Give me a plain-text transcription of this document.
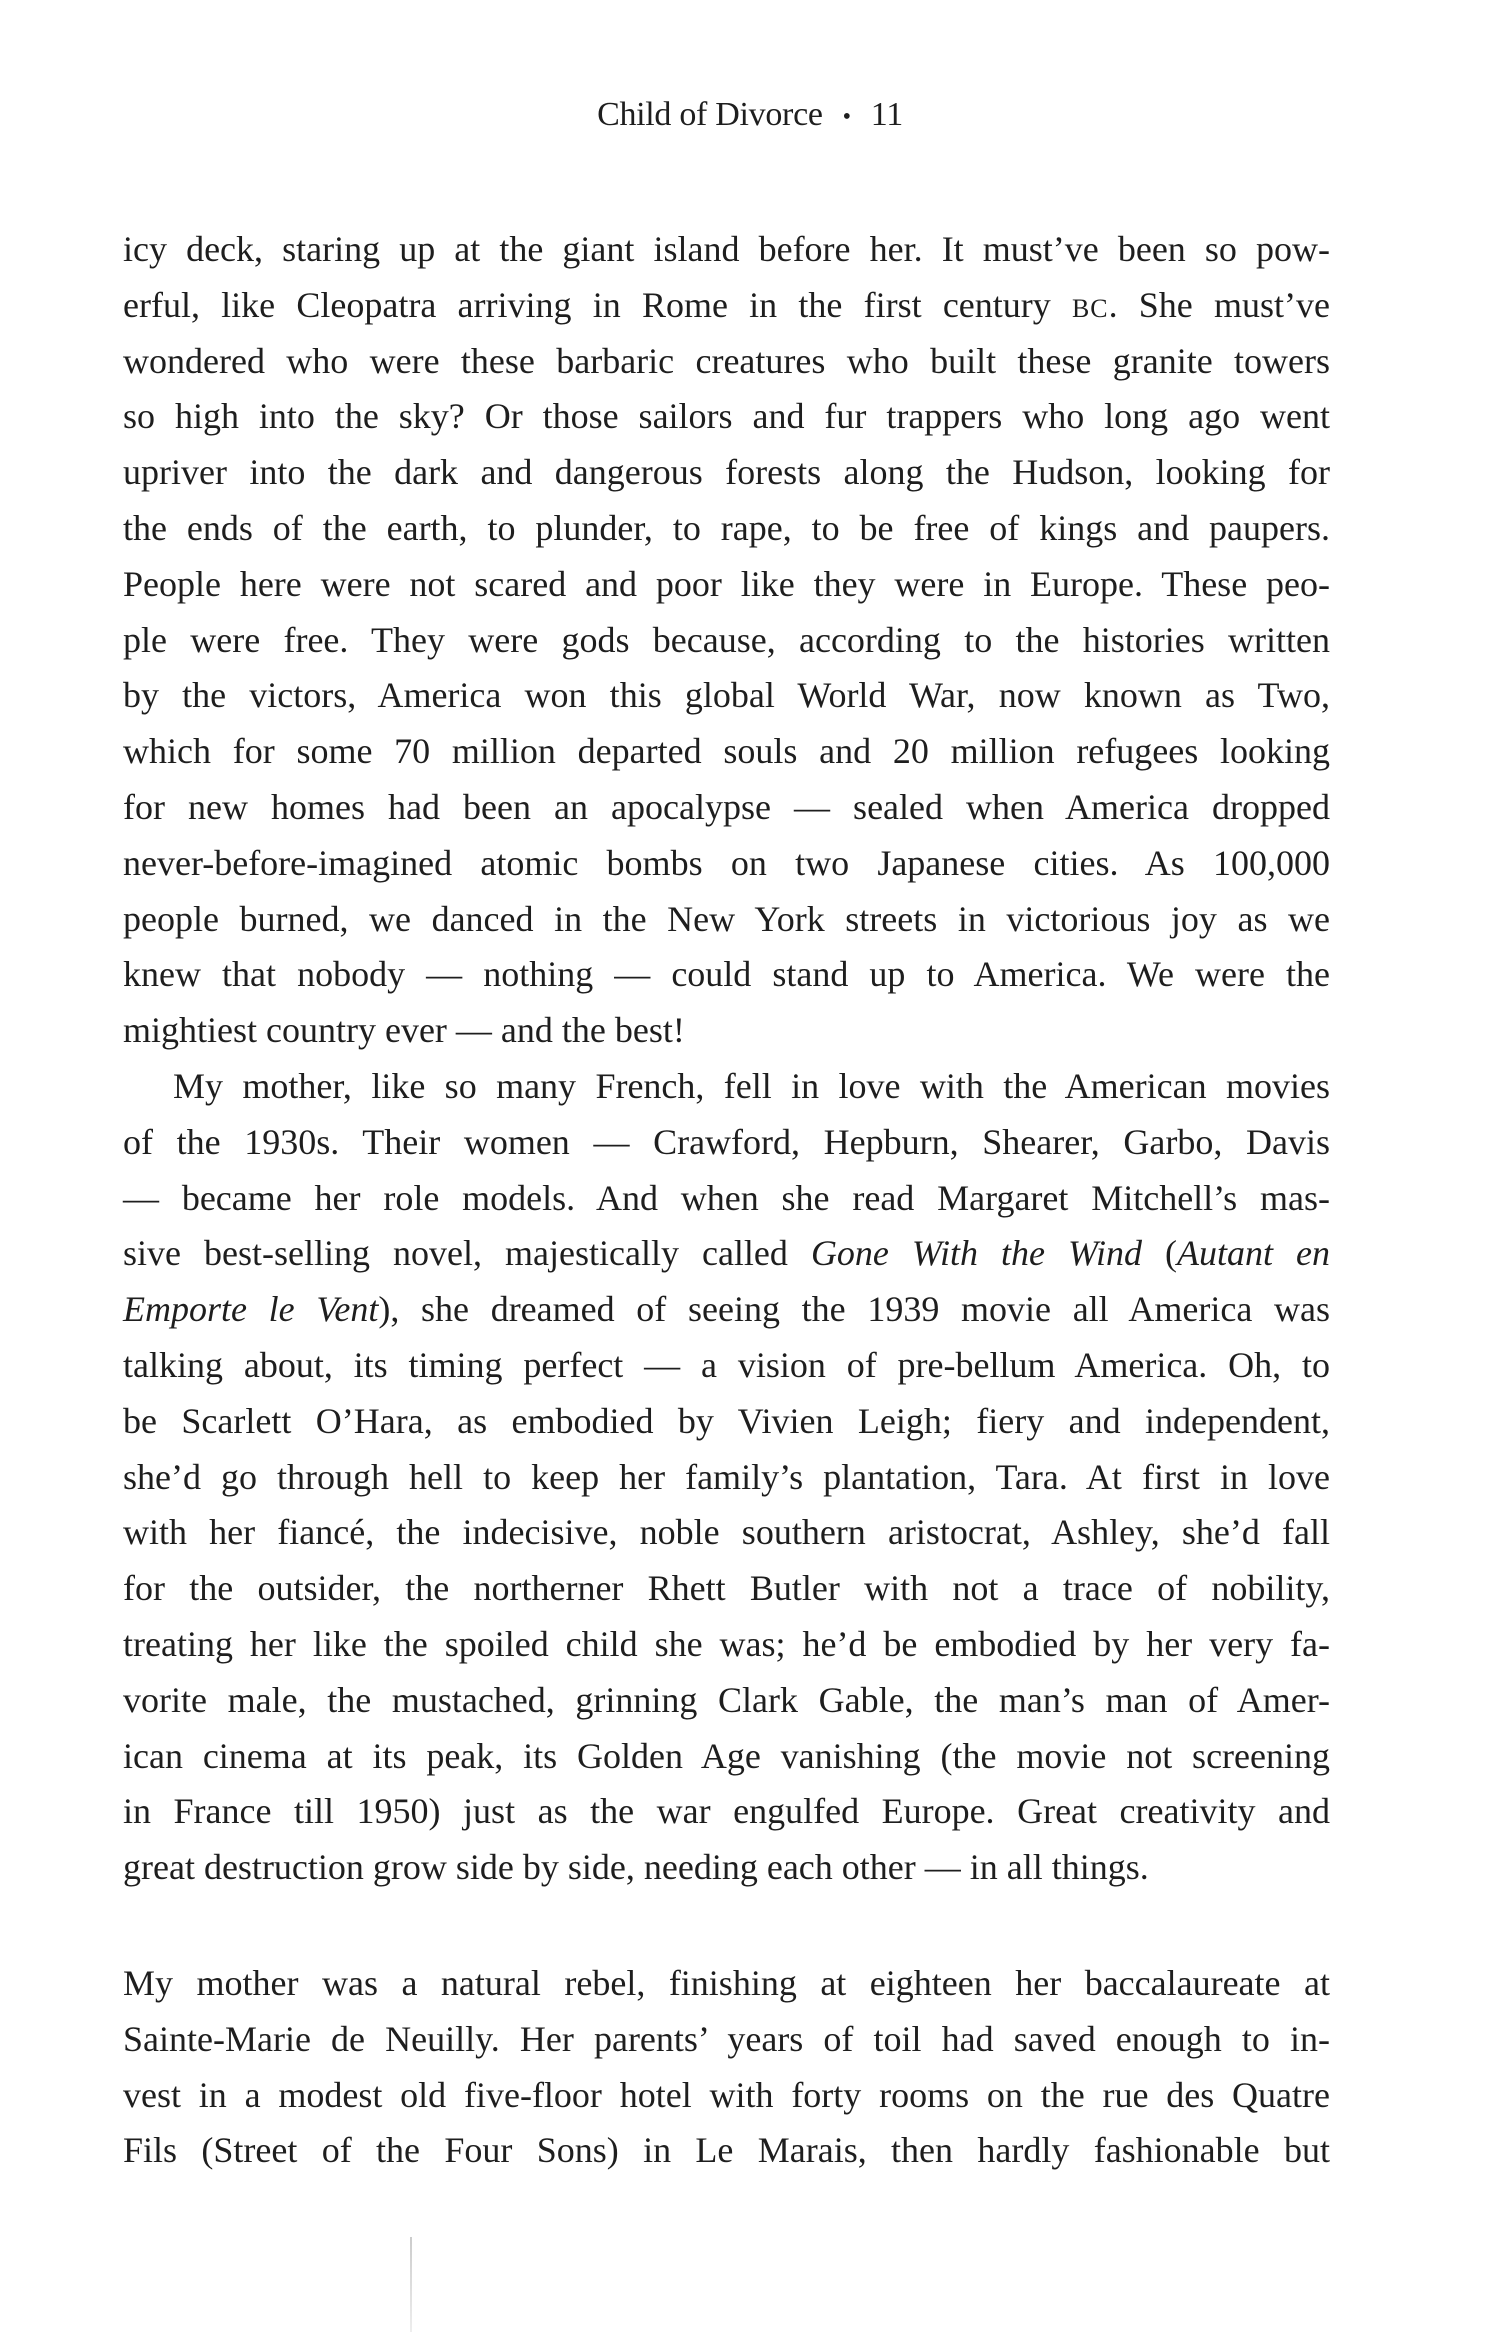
Child of Divorce • 11
icy deck, staring up at the giant island before her. It must’ve been so pow-
erful, like Cleopatra arriving in Rome in the first century BC. She must’ve
wondered who were these barbaric creatures who built these granite towers
so high into the sky? Or those sailors and fur trappers who long ago went
upriver into the dark and dangerous forests along the Hudson, looking for
the ends of the earth, to plunder, to rape, to be free of kings and paupers.
People here were not scared and poor like they were in Europe. These peo-
ple were free. They were gods because, according to the histories written
by the victors, America won this global World War, now known as Two,
which for some 70 million departed souls and 20 million refugees looking
for new homes had been an apocalypse — sealed when America dropped
never-before-imagined atomic bombs on two Japanese cities. As 100,000
people burned, we danced in the New York streets in victorious joy as we
knew that nobody — nothing — could stand up to America. We were the
mightiest country ever — and the best!
My mother, like so many French, fell in love with the American movies
of the 1930s. Their women — Crawford, Hepburn, Shearer, Garbo, Davis
— became her role models. And when she read Margaret Mitchell’s mas-
sive best-selling novel, majestically called Gone With the Wind (Autant en
Emporte le Vent), she dreamed of seeing the 1939 movie all America was
talking about, its timing perfect — a vision of pre-bellum America. Oh, to
be Scarlett O’Hara, as embodied by Vivien Leigh; fiery and independent,
she’d go through hell to keep her family’s plantation, Tara. At first in love
with her fiancé, the indecisive, noble southern aristocrat, Ashley, she’d fall
for the outsider, the northerner Rhett Butler with not a trace of nobility,
treating her like the spoiled child she was; he’d be embodied by her very fa-
vorite male, the mustached, grinning Clark Gable, the man’s man of Amer-
ican cinema at its peak, its Golden Age vanishing (the movie not screening
in France till 1950) just as the war engulfed Europe. Great creativity and
great destruction grow side by side, needing each other — in all things.
My mother was a natural rebel, finishing at eighteen her baccalaureate at
Sainte-Marie de Neuilly. Her parents’ years of toil had saved enough to in-
vest in a modest old five-floor hotel with forty rooms on the rue des Quatre
Fils (Street of the Four Sons) in Le Marais, then hardly fashionable but
